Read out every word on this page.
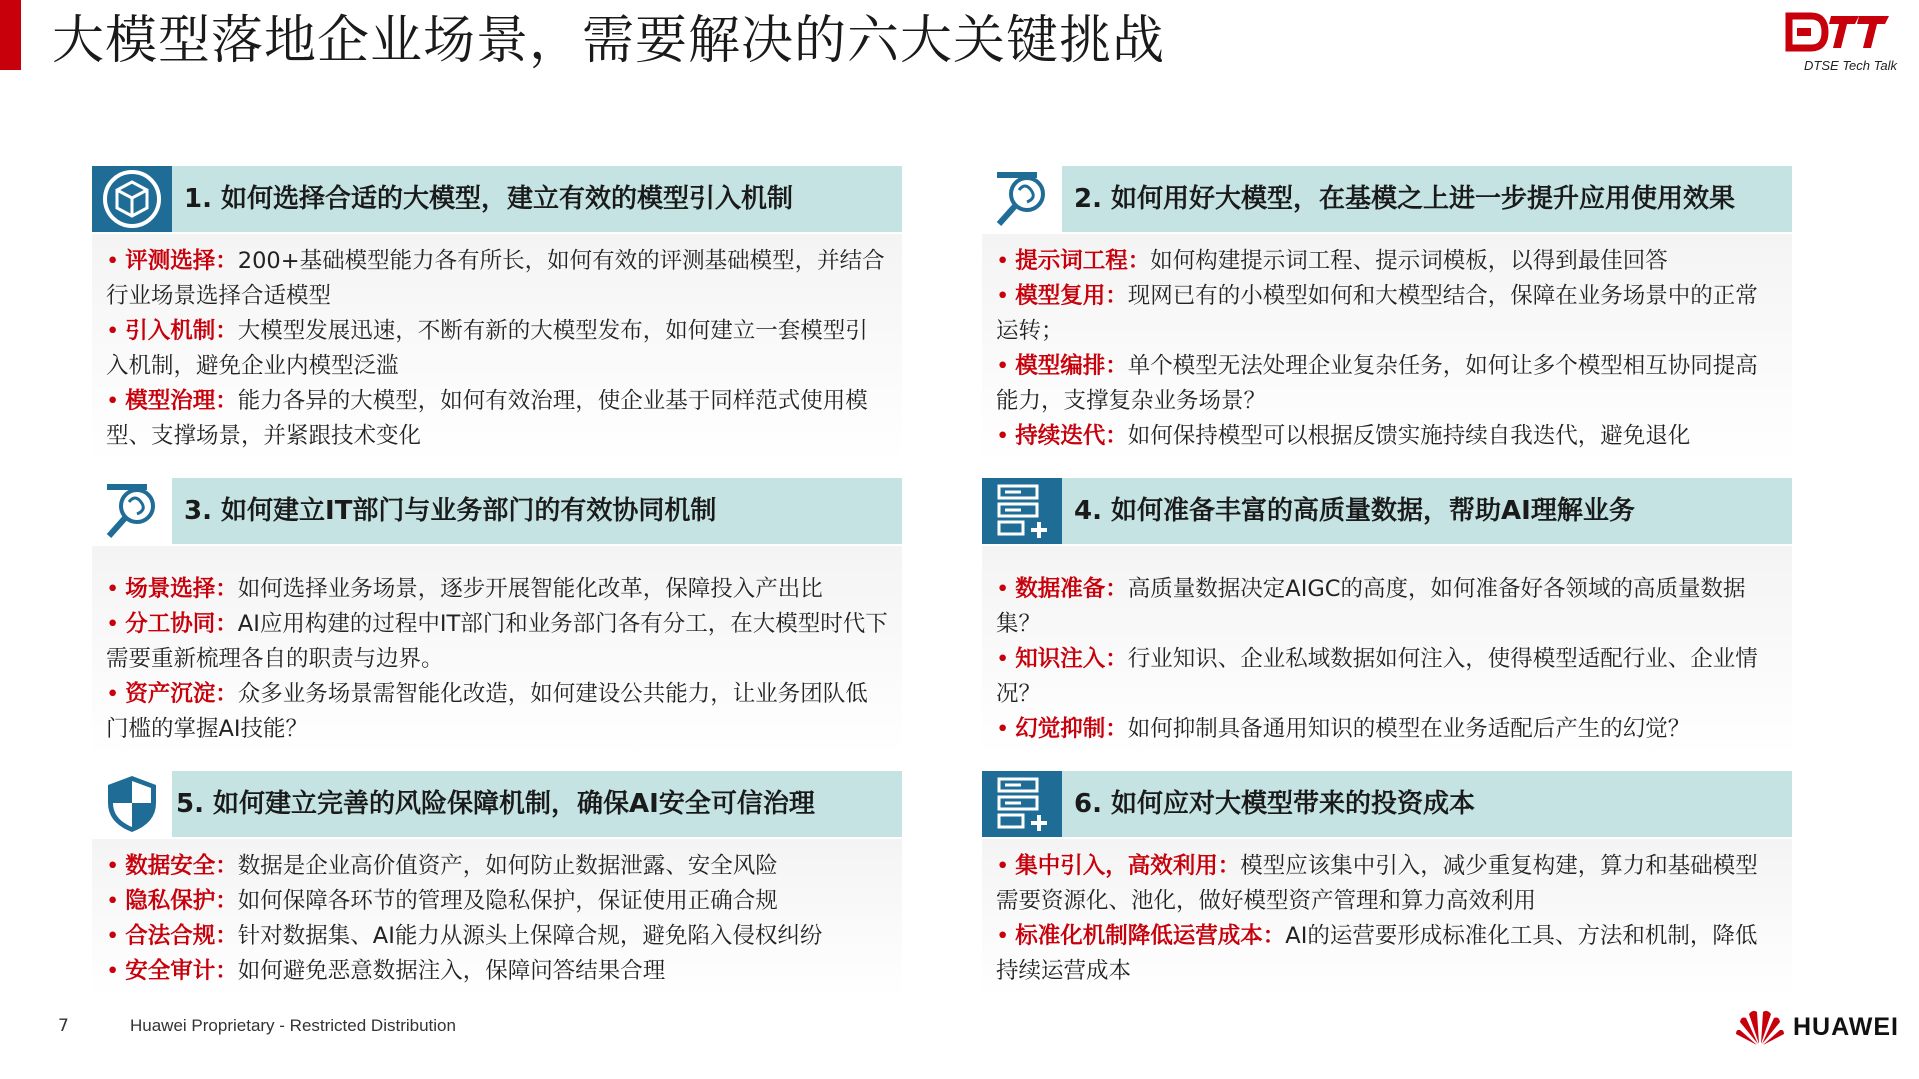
大模型落地企业场景，需要解决的六大关键挑战	DTSE Tech Talk
1. 如何选择合适的大模型，建立有效的模型引入机制

• 评测选择：200+基础模型能力各有所长，如何有效的评测基础模型，并结合行业场景选择合适模型

• 引入机制：大模型发展迅速，不断有新的大模型发布，如何建立一套模型引入机制，避免企业内模型泛滥

• 模型治理：能力各异的大模型，如何有效治理，使企业基于同样范式使用模型、支撑场景，并紧跟技术变化

2. 如何用好大模型，在基模之上进一步提升应用使用效果

• 提示词工程：如何构建提示词工程、提示词模板，以得到最佳回答

• 模型复用：现网已有的小模型如何和大模型结合，保障在业务场景中的正常运转；

• 模型编排：单个模型无法处理企业复杂任务，如何让多个模型相互协同提高能力，支撑复杂业务场景？

• 持续迭代：如何保持模型可以根据反馈实施持续自我迭代，避免退化

3. 如何建立IT部门与业务部门的有效协同机制

• 场景选择：如何选择业务场景，逐步开展智能化改革，保障投入产出比

• 分工协同：AI应用构建的过程中IT部门和业务部门各有分工，在大模型时代下需要重新梳理各自的职责与边界。

• 资产沉淀：众多业务场景需智能化改造，如何建设公共能力，让业务团队低门槛的掌握AI技能？

4. 如何准备丰富的高质量数据，帮助AI理解业务

• 数据准备：高质量数据决定AIGC的高度，如何准备好各领域的高质量数据集？

• 知识注入：行业知识、企业私域数据如何注入，使得模型适配行业、企业情况？

• 幻觉抑制：如何抑制具备通用知识的模型在业务适配后产生的幻觉？

5. 如何建立完善的风险保障机制，确保AI安全可信治理

• 数据安全：数据是企业高价值资产，如何防止数据泄露、安全风险

• 隐私保护：如何保障各环节的管理及隐私保护，保证使用正确合规

• 合法合规：针对数据集、AI能力从源头上保障合规，避免陷入侵权纠纷

• 安全审计：如何避免恶意数据注入，保障问答结果合理

6. 如何应对大模型带来的投资成本

• 集中引入，高效利用：模型应该集中引入，减少重复构建，算力和基础模型需要资源化、池化，做好模型资产管理和算力高效利用

• 标准化机制降低运营成本：AI的运营要形成标准化工具、方法和机制，降低持续运营成本

7	Huawei Proprietary - Restricted Distribution	HUAWEI
